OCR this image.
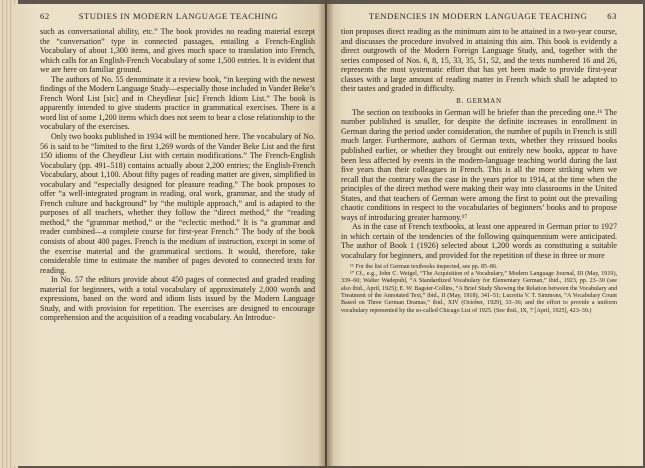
62	STUDIES IN MODERN LANGUAGE TEACHING

such as conversational ability, etc.” The book provides no reading material except the “conversation” type in connected passages, entailing a French-English Vocabulary of about 1,300 items, and gives much space to translation into French, which calls for an English-French Vocabulary of some 1,500 entries. It is evident that we are here on familiar ground.

The authors of No. 55 denominate it a review book, “in keeping with the newest findings of the Modern Language Study—especially those included in Vander Beke’s French Word List [sic] and in Cheydleur [sic] French Idiom List.” The book is apparently intended to give students practice in grammatical exercises. There is a word list of some 1,200 items which does not seem to bear a close relationship to the vocabulary of the exercises.

Only two books published in 1934 will be mentioned here. The vocabulary of No. 56 is said to be “limited to the first 1,269 words of the Vander Beke List and the first 150 idioms of the Cheydleur List with certain modifications.” The French-English Vocabulary (pp. 491–518) contains actually about 2,200 entries; the English-French Vocabulary, about 1,100. About fifty pages of reading matter are given, simplified in vocabulary and “especially designed for pleasure reading.” The book proposes to offer “a well-integrated program in reading, oral work, grammar, and the study of French culture and background” by “the multiple approach,” and is adapted to the purposes of all teachers, whether they follow the “direct method,” the “reading method,” the “grammar method,” or the “eclectic method.” It is “a grammar and reader combined—a complete course for first-year French.” The body of the book consists of about 400 pages. French is the medium of instruction, except in some of the exercise material and the grammatical sections. It would, therefore, take considerable time to estimate the number of pages devoted to connected texts for reading.

In No. 57 the editors provide about 450 pages of connected and graded reading material for beginners, with a total vocabulary of approximately 2,000 words and expressions, based on the word and idiom lists issued by the Modern Language Study, and with provision for repetition. The exercises are designed to encourage comprehension and the acquisition of a reading vocabulary. An Introduc-

TENDENCIES IN MODERN LANGUAGE TEACHING 63

tion proposes direct reading as the minimum aim to be attained in a two-year course, and discusses the procedure involved in attaining this aim. This book is evidently a direct outgrowth of the Modern Foreign Language Study, and, together with the series composed of Nos. 6, 8, 15, 33, 35, 51, 52, and the texts numbered 16 and 26, represents the most systematic effort that has yet been made to provide first-year classes with a large amount of reading matter in French which shall be adapted to their tastes and graded in difficulty.

B. GERMAN

The section on textbooks in German will be briefer than the preceding one.¹⁶ The number published is smaller, for despite the definite increases in enrollment in German during the period under consideration, the number of pupils in French is still much larger. Furthermore, authors of German texts, whether they reissued books published earlier, or whether they brought out entirely new books, appear to have been less affected by events in the modern-language teaching world during the last five years than their colleagues in French. This is all the more striking when we recall that the contrary was the case in the years prior to 1914, at the time when the principles of the direct method were making their way into classrooms in the United States, and that teachers of German were among the first to point out the prevailing chaotic conditions in respect to the vocabularies of beginners’ books and to propose ways of introducing greater harmony.¹⁷

As in the case of French textbooks, at least one appeared in German prior to 1927 in which certain of the tendencies of the following quinquennium were anticipated. The author of Book 1 (1926) selected about 1,200 words as constituting a suitable vocabulary for beginners, and provided for the repetition of these in three or more

¹⁶ For the list of German textbooks inspected, see pp. 85–86.

¹⁷ Cf., e.g., John C. Weigel, “The Acquisition of a Vocabulary,” Modern Language Journal, III (May, 1919), 339–60; Walter Wadepuhl, “A Standardized Vocabulary for Elementary German,” ibid., 1923, pp. 23–30 (see also ibid., April, 1925); E. W. Bagster-Collins, “A Brief Study Showing the Relation between the Vocabulary and Treatment of the Annotated Text,” ibid., II (May, 1918), 341–51; Lucretia V. T. Simmons, “A Vocabulary Count Based on Three German Dramas,” ibid., XIV (October, 1929), 33–36; and the effort to provide a uniform vocabulary represented by the so-called Chicago List of 1925. (See ibid., IX, 7 [April, 1925], 423–30.)
